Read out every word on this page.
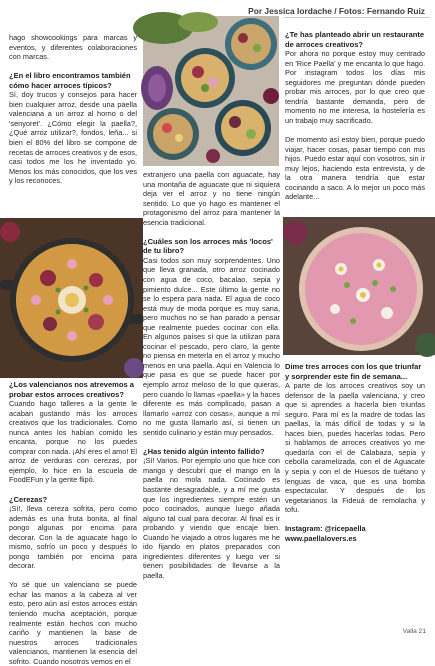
Por Jessica Iordache / Fotos: Fernando Ruiz

hago showcookings para marcas y eventos, y diferentes colaboraciones con marcas.

¿En el libro encontramos también cómo hacer arroces típicos?

Sí, doy trucos y consejos para hacer bien cualquier arroz, desde una paella valenciana a un arroz al horno o del 'senyoret'. ¿Cómo elegir la paella?, ¿Qué arroz utilizar?, fondos, leña... si bien el 80% del libro se compone de recetas de arroces creativos y de esos, casi todos me los he inventado yo. Menos los más conocidos, que los ves y los reconoces.

¿Los valencianos nos atrevemos a probar estos arroces creativos?

Cuando hago talleres a la gente le acaban gustando más los arroces creativos que los tradicionales. Como nunca antes los habían comido les encanta, porque no los puedes comprar con nada. ¡Ahí eres el amo! El arroz de verduras con cerezas, por ejemplo, lo hice en la escuela de FoodEFun y la gente flipó.

¿Cerezas?

¡Sí!, lleva cereza sofrita, pero como además es una fruta bonita, al final pongo algunas por encima para decorar. Con la de aguacate hago lo mismo, sofrío un poco y después lo pongo también por encima para decorar.

Yo sé que un valenciano se puede echar las manos a la cabeza al ver esto, pero aún así estos arroces están teniendo mucha aceptación, porque realmente están hechos con mucho cariño y mantienen la base de nuestros arroces tradicionales valencianos, mantienen la esencia del sofrito. Cuando nosotros vemos en el

extranjero una paella con aguacate, hay una montaña de aguacate que ni siquiera deja ver el arroz y no tiene ningún sentido. Lo que yo hago es mantener el protagonismo del arroz para mantener la esencia tradicional.

¿Cuáles son los arroces más 'locos' de tu libro?

Casi todos son muy sorprendentes. Uno que lleva granada, otro arroz cocinado con agua de coco, bacalao, sepia y pimiento dulce... Este último la gente no se lo espera para nada. El agua de coco está muy de moda porque es muy sana, pero muchos no se han parado a pensar que realmente puedes cocinar con ella. En algunos países sí que la utilizan para cocinar el pescado, pero claro, la gente no piensa en meterla en el arroz y mucho menos en una paella. Aquí en Valencia lo que pasa es que se puede hacer por ejemplo arroz meloso de lo que quieras, pero cuando lo llamas «paella» y la haces diferente es más complicado, pasan a llamarlo «arroz con cosas», aunque a mí no me gusta llamarlo así, si tienen un sentido culinario y están muy pensados.

¿Has tenido algún intento fallido?

¡Sí! Varios. Por ejemplo uno que hice con mango y descubrí que el mango en la paella no mola nada. Cocinado es bastante desagradable, y a mí me gusta que los ingredientes siempre estén un poco cocinados, aunque luego añada alguno tal cual para decorar. Al final es ir probando y viendo que encaje bien. Cuando he viajado a otros lugares me he ido fijando en platos preparados con ingredientes diferentes y luego ver si tienen posibilidades de llevarse a la paella.

¿Te has planteado abrir un restaurante de arroces creativos?

Por ahora no porque estoy muy centrado en 'Rice Paella' y me encanta lo que hago. Por instagram todos los días mis seguidores me preguntan dónde pueden probar mis arroces, por lo que creo que tendría bastante demanda, pero de momento no me interesa, la hostelería es un trabajo muy sacrificado.

De momento así estoy bien, porque puedo viajar, hacer cosas, pasar tiempo con mis hijos. Puedo estar aquí con vosotros, sin ir muy lejos, haciendo esta entrevista, y de la otra manera tendría que estar cocinando a saco. A lo mejor un poco más adelante...

Dime tres arroces con los que triunfar y sorprender este fin de semana...

A parte de los arroces creativos soy un defensor de la paella valenciana, y creo que si aprendes a hacerla bien triunfas seguro. Para mí es la madre de todas las paellas, la más difícil de todas y si la haces bien, puedes hacerlas todas. Pero si hablamos de arroces creativos yo me quedaría con el de Calabaza, sepia y cebolla caramelizada, con el de Aguacate y sepia y con el de Huesos de tuétano y lenguas de vaca, que es una bomba espectacular. Y después de los vegetarianos la Fideuá de remolacha y tofu.

Instagram: @ricepaella

www.paellalovers.es

Valla 21
